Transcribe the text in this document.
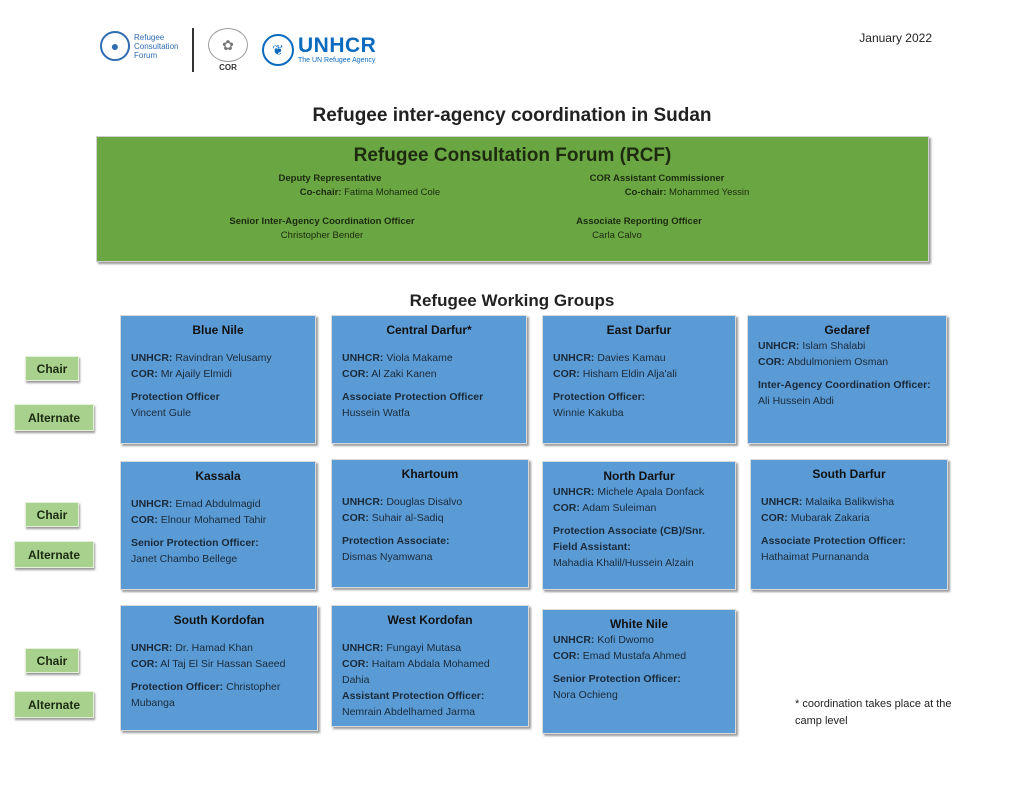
●
Refugee
Consultation
Forum
✿
COR
❦ UNHCR
The UN Refugee Agency
January 2022
Refugee inter-agency coordination in Sudan
Refugee Consultation Forum (RCF)
Deputy Representative
Co-chair: Fatima Mohamed Cole
Senior Inter-Agency Coordination Officer
Christopher Bender
COR Assistant Commissioner
Co-chair: Mohammed Yessin
Associate Reporting Officer
Carla Calvo
Refugee Working Groups
Chair
Alternate
Chair
Alternate
Chair
Alternate
Blue Nile
UNHCR: Ravindran Velusamy
COR: Mr Ajaily Elmidi
Protection Officer
Vincent Gule
Central Darfur*
UNHCR: Viola Makame
COR: Al Zaki Kanen
Associate Protection Officer
Hussein Watfa
East Darfur
UNHCR: Davies Kamau
COR: Hisham Eldin Alja'ali
Protection Officer:
Winnie Kakuba
Gedaref
UNHCR: Islam Shalabi
COR: Abdulmoniem Osman
Inter-Agency Coordination Officer:
Ali Hussein Abdi
Kassala
UNHCR: Emad Abdulmagid
COR: Elnour Mohamed Tahir
Senior Protection Officer:
Janet Chambo Bellege
Khartoum
UNHCR: Douglas Disalvo
COR: Suhair al-Sadiq
Protection Associate:
Dismas Nyamwana
North Darfur
UNHCR: Michele Apala Donfack
COR: Adam Suleiman
Protection Associate (CB)/Snr. Field Assistant:
Mahadia Khalil/Hussein Alzain
South Darfur
UNHCR: Malaika Balikwisha
COR: Mubarak Zakaria
Associate Protection Officer:
Hathaimat Purnananda
South Kordofan
UNHCR: Dr. Hamad Khan
COR: Al Taj El Sir Hassan Saeed
Protection Officer: Christopher Mubanga
West Kordofan
UNHCR: Fungayi Mutasa
COR: Haitam Abdala Mohamed Dahia
Assistant Protection Officer:
Nemrain Abdelhamed Jarma
White Nile
UNHCR: Kofi Dwomo
COR: Emad Mustafa Ahmed
Senior Protection Officer:
Nora Ochieng
* coordination takes place at the camp level
